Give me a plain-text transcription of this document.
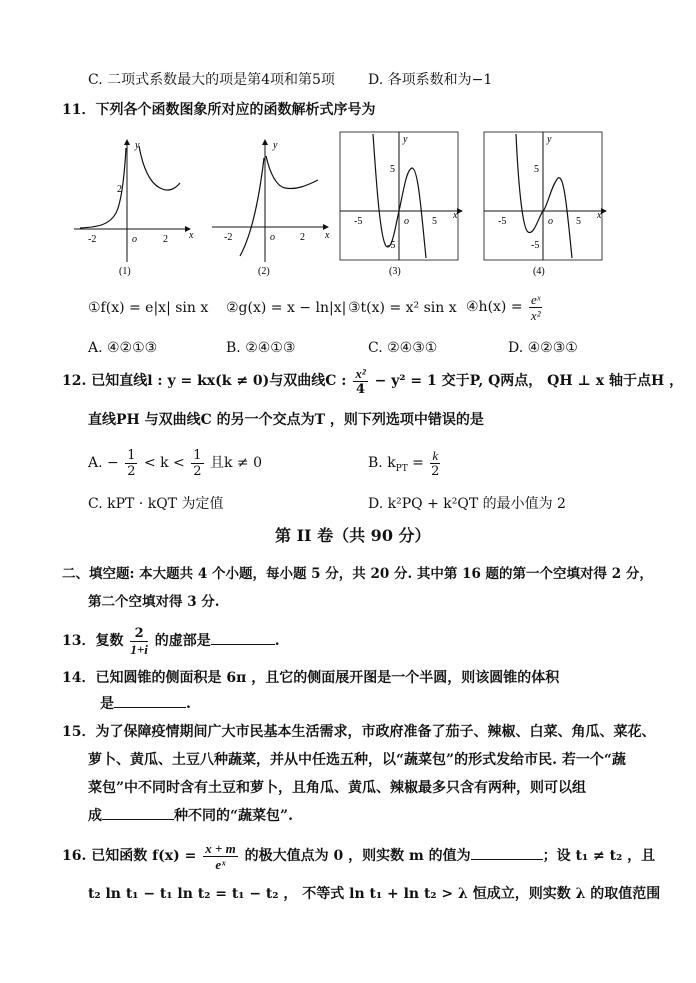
C. 二项式系数最大的项是第4项和第5项 D. 各项系数和为−1
11．下列各个函数图象所对应的函数解析式序号为
-2	o	2
2
x
y
(1)
-2	o	2 x
y
(2)
-5	o 5
5
-5
x
y
(3)
-5	o 5
5
-5
x
y
(4)
①f(x) = e|x| sin x ②g(x) = x − ln|x| ③t(x) = x² sin x ④h(x) = $\frac{\text{eˣ}}{\text{x²}}$
A. ④②①③	B. ②④①③	C. ②④③①	D. ④②③①
12. 已知直线l : y = kx(k ≠ 0)与双曲线C : $\frac{\text{x²}}{4} - y^2 = 1$ 交于P, Q两点， QH ⊥ x 轴于点H ，
直线PH 与双曲线C 的另一个交点为T ，则下列选项中错误的是
A. − $\frac{1}{2} < k < \frac{1}{2}$ 且k ≠ 0	B. $k_{PT} = \frac{k}{2}$
C. kPT · kQT 为定值	D. k²PQ + k²QT 的最小值为 2
第 II 卷（共 90 分）
二、填空题: 本大题共 4 个小题，每小题 5 分，共 20 分. 其中第 16 题的第一个空填对得 2 分，
第二个空填对得 3 分.
13．复数 $\frac{2}{1+i}$ 的虚部是	.
14．已知圆锥的侧面积是 6π ，且它的侧面展开图是一个半圆，则该圆锥的体积
是	.
15．为了保障疫情期间广大市民基本生活需求，市政府准备了茄子、辣椒、白菜、角瓜、菜花、
萝卜、黄瓜、土豆八种蔬菜，并从中任选五种，以“蔬菜包”的形式发给市民. 若一个“蔬
菜包”中不同时含有土豆和萝卜，且角瓜、黄瓜、辣椒最多只含有两种，则可以组
成	种不同的“蔬菜包”.
16. 已知函数 $f(x) = \frac{x + m}{\text{eˣ}}$ 的极大值点为 0 ，则实数 m 的值为	；设 t₁ ≠ t₂ ，且
t₂ ln t₁ − t₁ ln t₂ = t₁ − t₂ ， 不等式 ln t₁ + ln t₂ > λ 恒成立，则实数 λ 的取值范围
